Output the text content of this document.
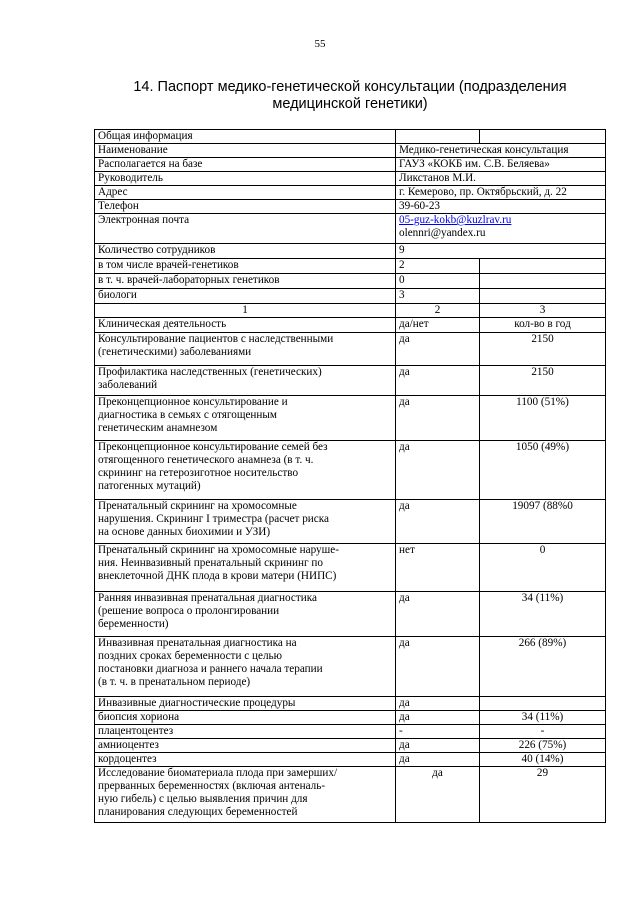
55
14. Паспорт медико-генетической консультации (подразделения
медицинской генетики)
Общая информация		
Наименование	Медико-генетическая консультация	
Располагается на базе	ГАУЗ «КОКБ им. С.В. Беляева»	
Руководитель	Ликстанов М.И.	
Адрес	г. Кемерово, пр. Октябрьский, д. 22	
Телефон	39-60-23	
Электронная почта	05-guz-kokb@kuzlrav.ru
olennri@yandex.ru	

Количество сотрудников	9	
в том числе врачей-генетиков	2	
в т. ч. врачей-лабораторных генетиков	0	
биологи	3	
1	2	3
Клиническая деятельность	да/нет	кол-во в год

Консультирование пациентов с наследственными
(генетическими) заболеваниями	да	2150

Профилактика наследственных (генетических)
заболеваний	да	2150

Преконцепционное консультирование и
диагностика в семьях с отягощенным
генетическим анамнезом	да	1100 (51%)

Преконцепционное консультирование семей без
отягощенного генетического анамнеза (в т. ч.
скрининг на гетерозиготное носительство
патогенных мутаций)	да	1050 (49%)

Пренатальный скрининг на хромосомные
нарушения. Скрининг I триместра (расчет риска
на основе данных биохимии и УЗИ)	да	19097 (88%0

Пренатальный скрининг на хромосомные наруше-
ния. Неинвазивный пренатальный скрининг по
внеклеточной ДНК плода в крови матери (НИПС)	нет	0

Ранняя инвазивная пренатальная диагностика
(решение вопроса о пролонгировании
беременности)	да	34 (11%)

Инвазивная пренатальная диагностика на
поздних сроках беременности с целью
постановки диагноза и раннего начала терапии
(в т. ч. в пренатальном периоде)	да	266 (89%)

Инвазивные диагностические процедуры	да	

биопсия хориона	да	34 (11%)

плацентоцентез	-	-

амниоцентез	да	226 (75%)

кордоцентез	да	40 (14%)

Исследование биоматериала плода при замерших/
прерванных беременностях (включая антеналь-
ную гибель) с целью выявления причин для
планирования следующих беременностей	да	29
